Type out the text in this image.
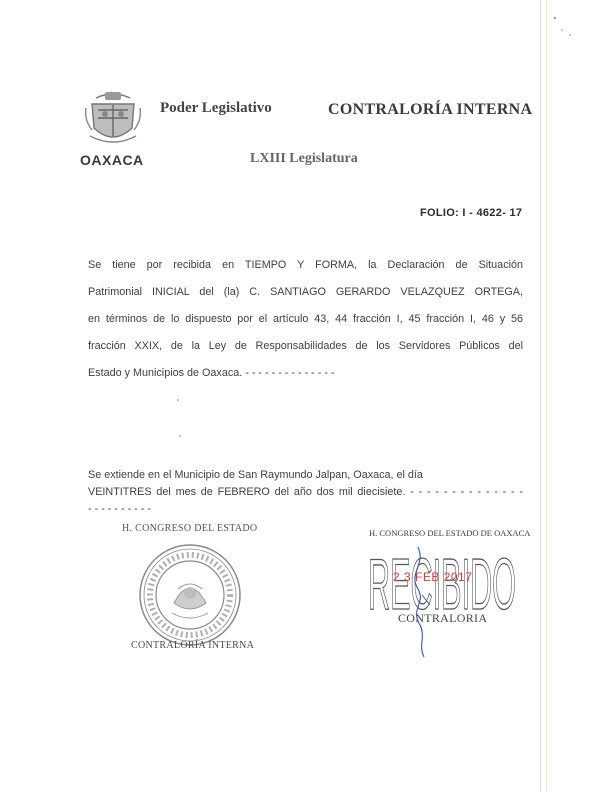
OAXACA
Poder Legislativo	CONTRALORÍA INTERNA
LXIII Legislatura
FOLIO: I - 4622- 17
Se tiene por recibida en TIEMPO Y FORMA, la Declaración de Situación
Patrimonial INICIAL del (la) C. SANTIAGO GERARDO VELAZQUEZ ORTEGA,
en términos de lo dispuesto por el artículo 43, 44 fracción I, 45 fracción I, 46 y 56
fracción XXIX, de la Ley de Responsabilidades de los Servidores Públicos del
Estado y Municipios de Oaxaca. - - - - - - - - - - - - - -
Se extiende en el Municipio de San Raymundo Jalpan, Oaxaca, el día
VEINTITRES del mes de FEBRERO del año dos mil diecisiete. - - - - - - - - - - - - - -
- - - - - - - - - -
H. CONGRESO DEL ESTADO
CONTRALORÍA INTERNA
H. CONGRESO DEL ESTADO DE OAXACA
RECIBIDO
2 3 FEB 2017
CONTRALORIA
